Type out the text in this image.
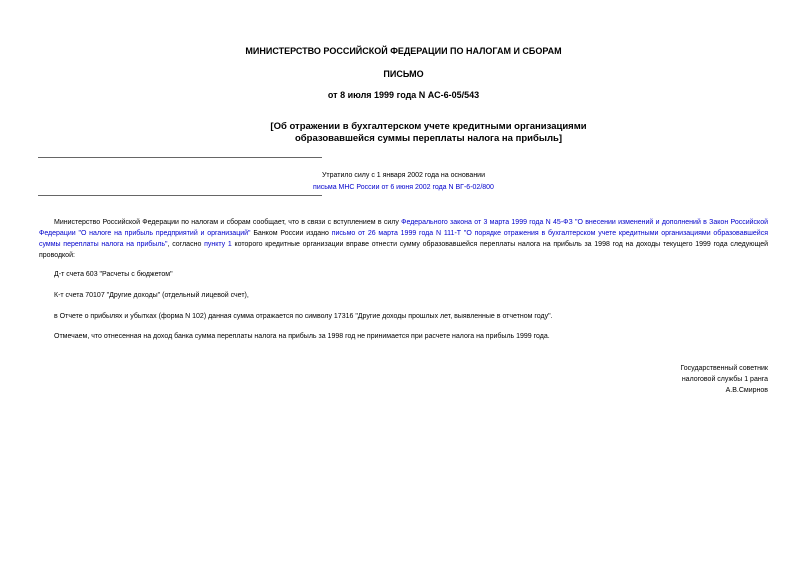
МИНИСТЕРСТВО РОССИЙСКОЙ ФЕДЕРАЦИИ ПО НАЛОГАМ И СБОРАМ
ПИСЬМО
от 8 июля 1999 года N АС-6-05/543
[Об отражении в бухгалтерском учете кредитными организациями
образовавшейся суммы переплаты налога на прибыль]
Утратило силу с 1 января 2002 года на основании
письма МНС России от 6 июня 2002 года N ВГ-6-02/800
Министерство Российской Федерации по налогам и сборам сообщает, что в связи с вступлением в силу Федерального закона от 3 марта 1999 года N 45-ФЗ "О внесении изменений и дополнений в Закон Российской Федерации "О налоге на прибыль предприятий и организаций" Банком России издано письмо от 26 марта 1999 года N 111-Т "О порядке отражения в бухгалтерском учете кредитными организациями образовавшейся суммы переплаты налога на прибыль", согласно пункту 1 которого кредитные организации вправе отнести сумму образовавшейся переплаты налога на прибыль за 1998 год на доходы текущего 1999 года следующей проводкой:
Д-т счета 603 "Расчеты с бюджетом"
К-т счета 70107 "Другие доходы" (отдельный лицевой счет),
в Отчете о прибылях и убытках (форма N 102) данная сумма отражается по символу 17316 "Другие доходы прошлых лет, выявленные в отчетном году".
Отмечаем, что отнесенная на доход банка сумма переплаты налога на прибыль за 1998 год не принимается при расчете налога на прибыль 1999 года.
Государственный советник
налоговой службы 1 ранга
А.В.Смирнов
